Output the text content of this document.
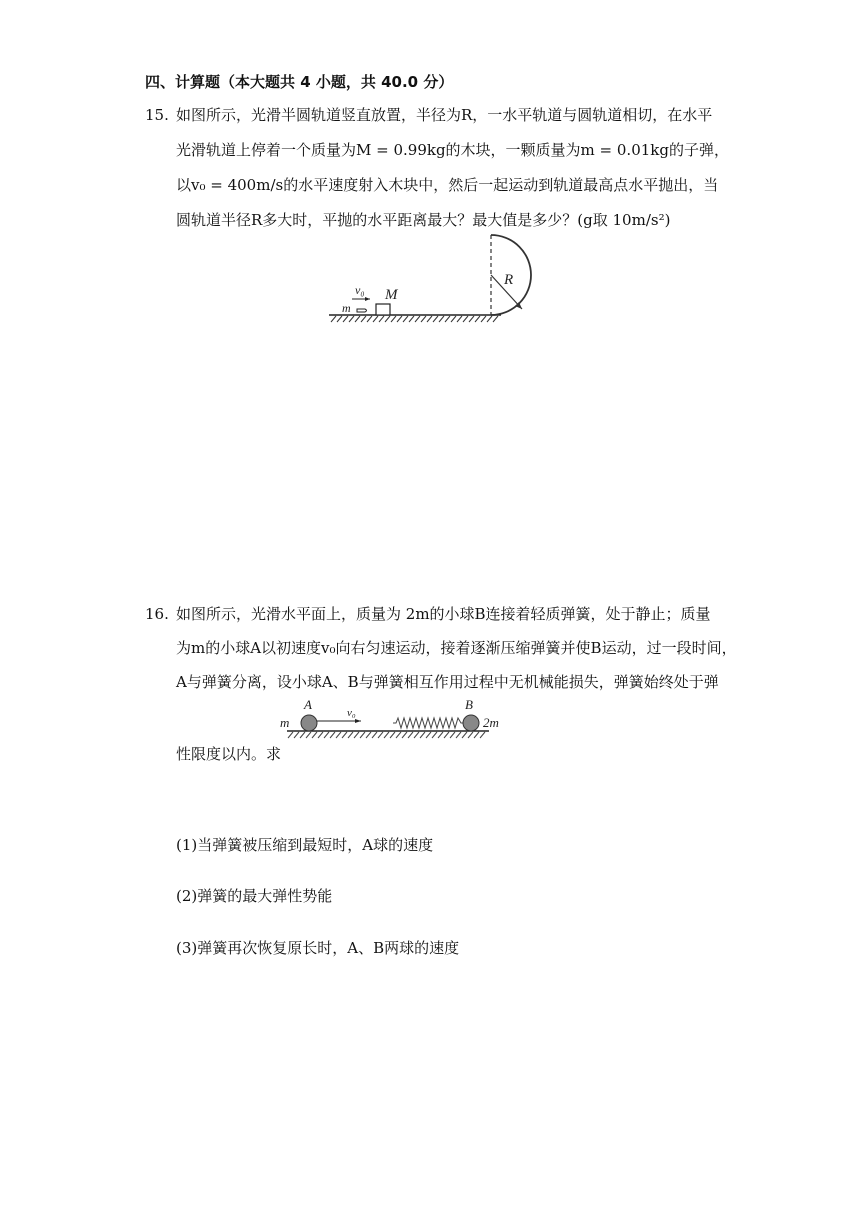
四、计算题（本大题共 4 小题，共 40.0 分）
15. 如图所示，光滑半圆轨道竖直放置，半径为R，一水平轨道与圆轨道相切，在水平
光滑轨道上停着一个质量为M = 0.99kg的木块，一颗质量为m = 0.01kg的子弹，
以v₀ = 400m/s的水平速度射入木块中，然后一起运动到轨道最高点水平抛出，当
圆轨道半径R多大时，平抛的水平距离最大？最大值是多少？(g取 10m/s²)
R
M
m
v₀
16. 如图所示，光滑水平面上，质量为 2m的小球B连接着轻质弹簧，处于静止；质量
为m的小球A以初速度v₀向右匀速运动，接着逐渐压缩弹簧并使B运动，过一段时间，
A与弹簧分离，设小球A、B与弹簧相互作用过程中无机械能损失，弹簧始终处于弹
m
A
v₀
B
2m
性限度以内。求
(1)当弹簧被压缩到最短时，A球的速度
(2)弹簧的最大弹性势能
(3)弹簧再次恢复原长时，A、B两球的速度
